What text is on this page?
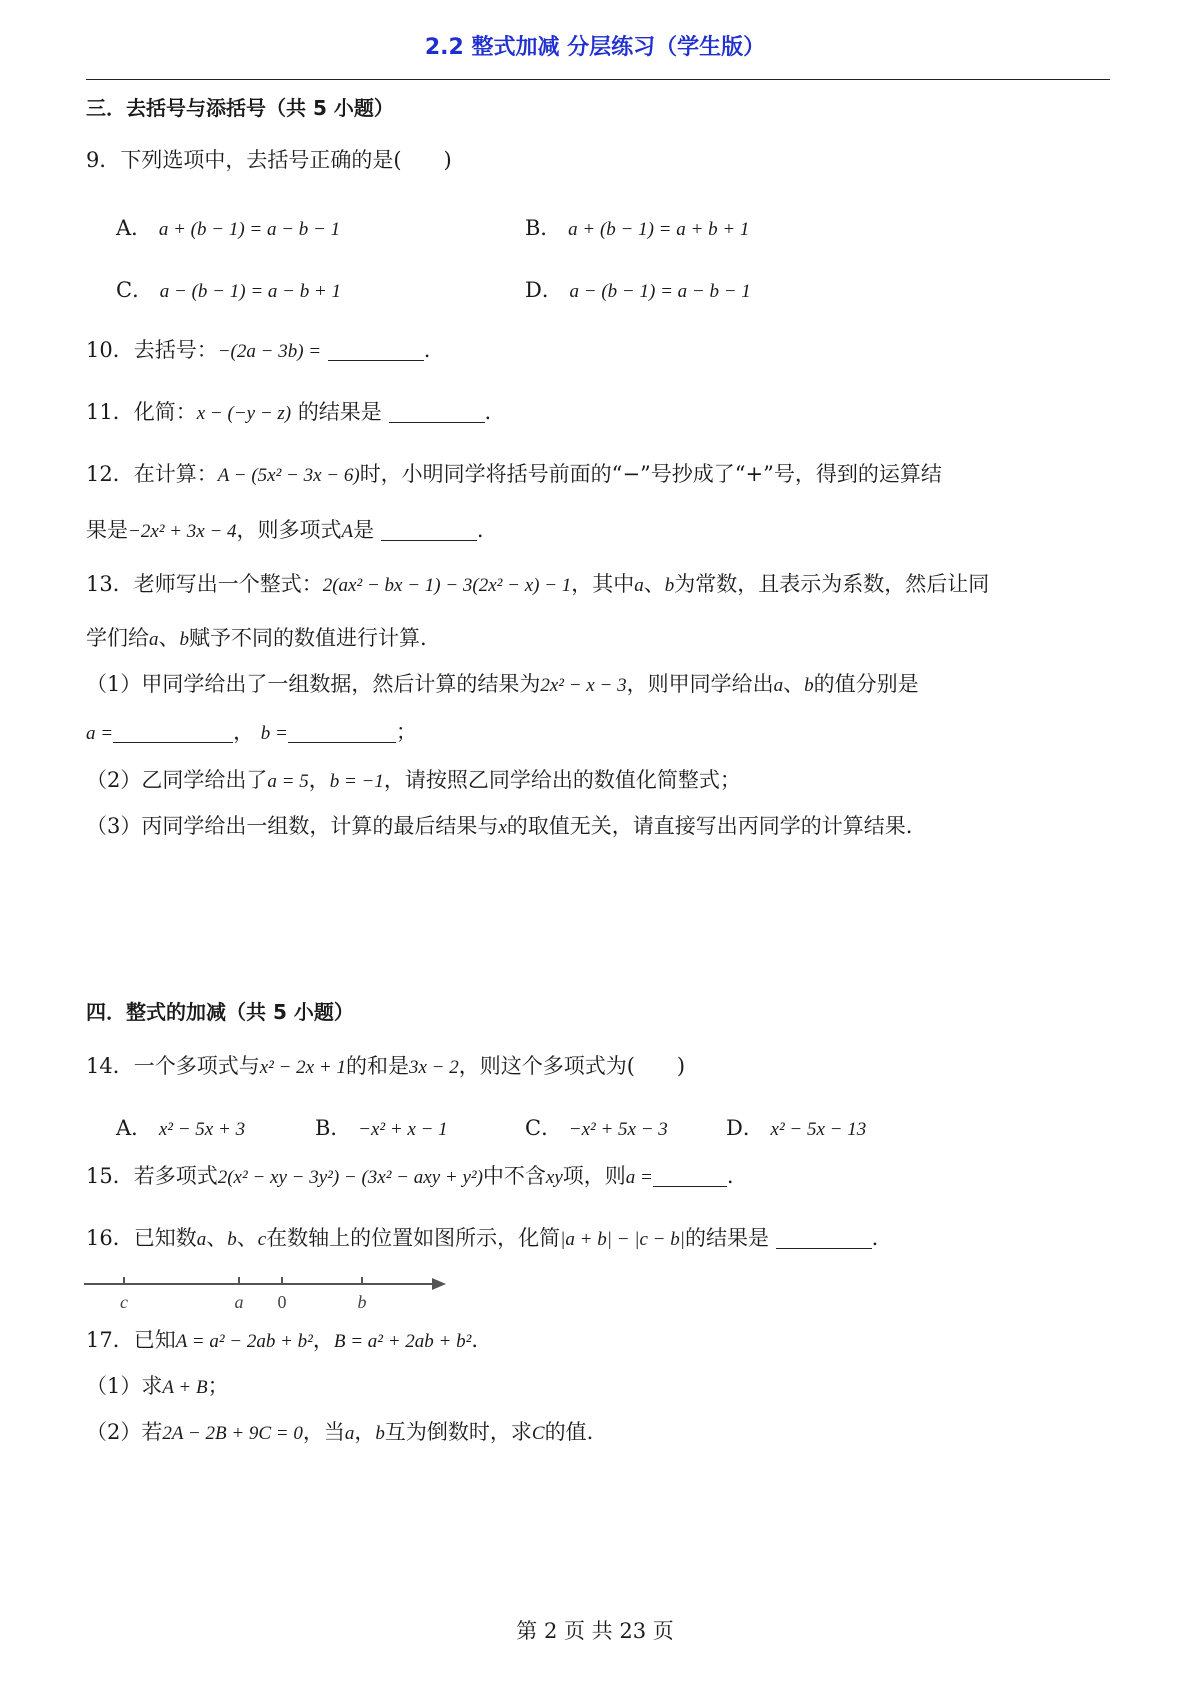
2.2 整式加减 分层练习（学生版）
三．去括号与添括号（共 5 小题）
9．下列选项中，去括号正确的是(　　)
A． a + (b − 1) = a − b − 1	B． a + (b − 1) = a + b + 1
C． a − (b − 1) = a − b + 1	D． a − (b − 1) = a − b − 1
10．去括号：−(2a − 3b) =	.
11．化简：x − (−y − z) 的结果是	.
12．在计算：A − (5x² − 3x − 6)时，小明同学将括号前面的“−”号抄成了“+”号，得到的运算结
果是−2x² + 3x − 4，则多项式A是	.
13．老师写出一个整式：2(ax² − bx − 1) − 3(2x² − x) − 1，其中a、b为常数，且表示为系数，然后让同
学们给a、b赋予不同的数值进行计算.
（1）甲同学给出了一组数据，然后计算的结果为2x² − x − 3，则甲同学给出a、b的值分别是
a =	， b =	；
（2）乙同学给出了a = 5，b = −1，请按照乙同学给出的数值化简整式；
（3）丙同学给出一组数，计算的最后结果与x的取值无关，请直接写出丙同学的计算结果.
四．整式的加减（共 5 小题）
14．一个多项式与x² − 2x + 1的和是3x − 2，则这个多项式为(　　)
A． x² − 5x + 3	B． −x² + x − 1	C． −x² + 5x − 3	D． x² − 5x − 13
15．若多项式2(x² − xy − 3y²) − (3x² − axy + y²)中不含xy项，则a =	.
16．已知数a、b、c在数轴上的位置如图所示，化简|a + b| − |c − b|的结果是	.
c	a 0	b
17．已知A = a² − 2ab + b²，B = a² + 2ab + b².
（1）求A + B；
（2）若2A − 2B + 9C = 0，当a，b互为倒数时，求C的值.
第 2 页 共 23 页
